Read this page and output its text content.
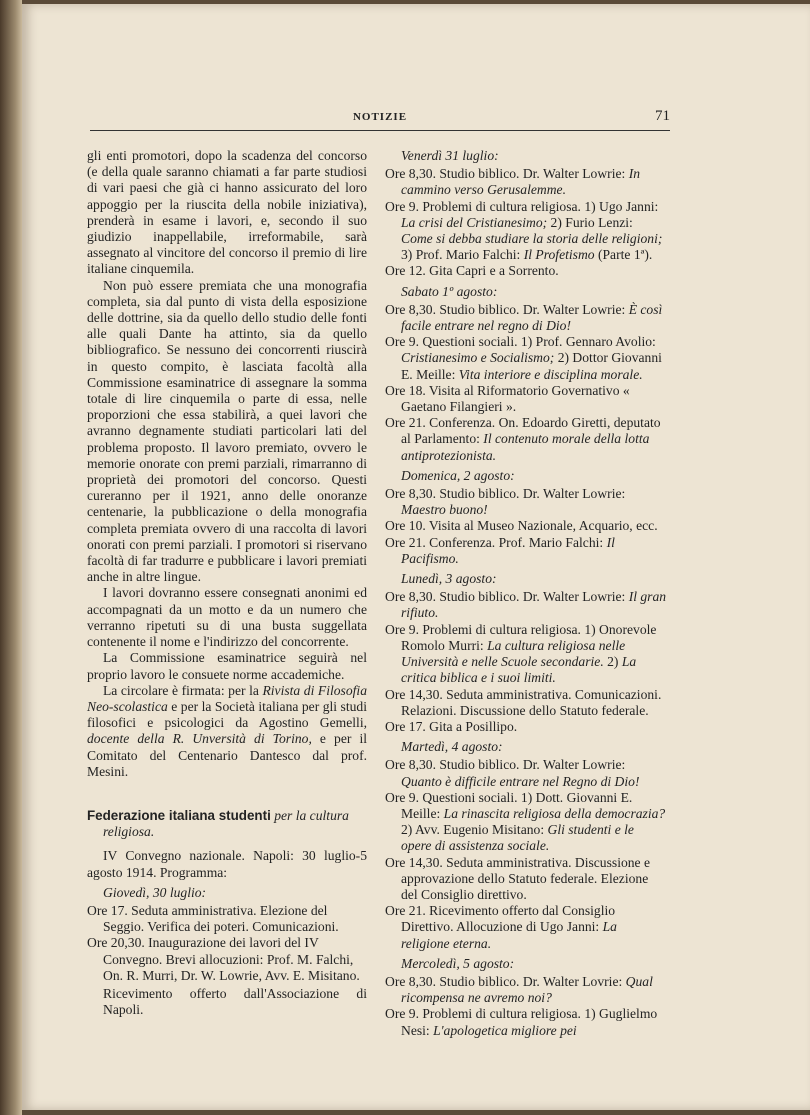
NOTIZIE	71

gli enti promotori, dopo la scadenza del concorso (e della quale saranno chiamati a far parte studiosi di vari paesi che già ci hanno assicurato del loro appoggio per la riuscita della nobile iniziativa), prenderà in esame i lavori, e, secondo il suo giudizio inappellabile, irreformabile, sarà assegnato al vincitore del concorso il premio di lire italiane cinquemila.

Non può essere premiata che una monografia completa, sia dal punto di vista della esposizione delle dottrine, sia da quello dello studio delle fonti alle quali Dante ha attinto, sia da quello bibliografico. Se nessuno dei concorrenti riuscirà in questo compito, è lasciata facoltà alla Commissione esaminatrice di assegnare la somma totale di lire cinquemila o parte di essa, nelle proporzioni che essa stabilirà, a quei lavori che avranno degnamente studiati particolari lati del problema proposto. Il lavoro premiato, ovvero le memorie onorate con premi parziali, rimarranno di proprietà dei promotori del concorso. Questi cureranno per il 1921, anno delle onoranze centenarie, la pubblicazione o della monografia completa premiata ovvero di una raccolta di lavori onorati con premi parziali. I promotori si riservano facoltà di far tradurre e pubblicare i lavori premiati anche in altre lingue.

I lavori dovranno essere consegnati anonimi ed accompagnati da un motto e da un numero che verranno ripetuti su di una busta suggellata contenente il nome e l'indirizzo del concorrente.

La Commissione esaminatrice seguirà nel proprio lavoro le consuete norme accademiche.

La circolare è firmata: per la Rivista di Filosofia Neo-scolastica e per la Società italiana per gli studi filosofici e psicologici da Agostino Gemelli, docente della R. Unversità di Torino, e per il Comitato del Centenario Dantesco dal prof. Mesini.

Federazione italiana studenti per la cultura religiosa.

IV Convegno nazionale. Napoli: 30 luglio-5 agosto 1914. Programma:

Giovedì, 30 luglio:

Ore 17. Seduta amministrativa. Elezione del Seggio. Verifica dei poteri. Comunicazioni.

Ore 20,30. Inaugurazione dei lavori del IV Convegno. Brevi allocuzioni: Prof. M. Falchi, On. R. Murri, Dr. W. Lowrie, Avv. E. Misitano.

Ricevimento offerto dall'Associazione di Napoli.

Venerdì 31 luglio:

Ore 8,30. Studio biblico. Dr. Walter Lowrie: In cammino verso Gerusalemme.

Ore 9. Problemi di cultura religiosa. 1) Ugo Janni: La crisi del Cristianesimo; 2) Furio Lenzi: Come si debba studiare la storia delle religioni; 3) Prof. Mario Falchi: Il Profetismo (Parte 1ª).

Ore 12. Gita Capri e a Sorrento.

Sabato 1º agosto:

Ore 8,30. Studio biblico. Dr. Walter Lowrie: È così facile entrare nel regno di Dio!

Ore 9. Questioni sociali. 1) Prof. Gennaro Avolio: Cristianesimo e Socialismo; 2) Dottor Giovanni E. Meille: Vita interiore e disciplina morale.

Ore 18. Visita al Riformatorio Governativo « Gaetano Filangieri ».

Ore 21. Conferenza. On. Edoardo Giretti, deputato al Parlamento: Il contenuto morale della lotta antiprotezionista.

Domenica, 2 agosto:

Ore 8,30. Studio biblico. Dr. Walter Lowrie: Maestro buono!

Ore 10. Visita al Museo Nazionale, Acquario, ecc.

Ore 21. Conferenza. Prof. Mario Falchi: Il Pacifismo.

Lunedì, 3 agosto:

Ore 8,30. Studio biblico. Dr. Walter Lowrie: Il gran rifiuto.

Ore 9. Problemi di cultura religiosa. 1) Onorevole Romolo Murri: La cultura religiosa nelle Università e nelle Scuole secondarie. 2) La critica biblica e i suoi limiti.

Ore 14,30. Seduta amministrativa. Comunicazioni. Relazioni. Discussione dello Statuto federale.

Ore 17. Gita a Posillipo.

Martedì, 4 agosto:

Ore 8,30. Studio biblico. Dr. Walter Lowrie: Quanto è difficile entrare nel Regno di Dio!

Ore 9. Questioni sociali. 1) Dott. Giovanni E. Meille: La rinascita religiosa della democrazia? 2) Avv. Eugenio Misitano: Gli studenti e le opere di assistenza sociale.

Ore 14,30. Seduta amministrativa. Discussione e approvazione dello Statuto federale. Elezione del Consiglio direttivo.

Ore 21. Ricevimento offerto dal Consiglio Direttivo. Allocuzione di Ugo Janni: La religione eterna.

Mercoledì, 5 agosto:

Ore 8,30. Studio biblico. Dr. Walter Lovrie: Qual ricompensa ne avremo noi?

Ore 9. Problemi di cultura religiosa. 1) Guglielmo Nesi: L'apologetica migliore pei
